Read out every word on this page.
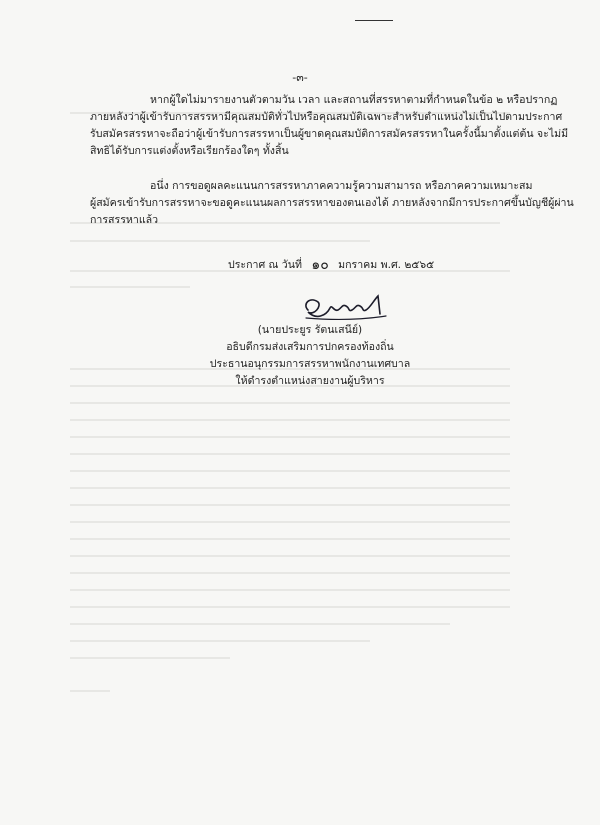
-๓-
หากผู้ใดไม่มารายงานตัวตามวัน เวลา และสถานที่สรรหาตามที่กำหนดในข้อ ๒ หรือปรากฏ
ภายหลังว่าผู้เข้ารับการสรรหามีคุณสมบัติทั่วไปหรือคุณสมบัติเฉพาะสำหรับตำแหน่งไม่เป็นไปตามประกาศ
รับสมัครสรรหาจะถือว่าผู้เข้ารับการสรรหาเป็นผู้ขาดคุณสมบัติการสมัครสรรหาในครั้งนี้มาตั้งแต่ต้น จะไม่มี
สิทธิได้รับการแต่งตั้งหรือเรียกร้องใดๆ ทั้งสิ้น
อนึ่ง การขอดูผลคะแนนการสรรหาภาคความรู้ความสามารถ หรือภาคความเหมาะสม
ผู้สมัครเข้ารับการสรรหาจะขอดูคะแนนผลการสรรหาของตนเองได้ ภายหลังจากมีการประกาศขึ้นบัญชีผู้ผ่าน
การสรรหาแล้ว
ประกาศ ณ วันที่ ๑๐ มกราคม พ.ศ. ๒๕๖๕
(นายประยูร รัตนเสนีย์)
อธิบดีกรมส่งเสริมการปกครองท้องถิ่น
ประธานอนุกรรมการสรรหาพนักงานเทศบาล
ให้ดำรงตำแหน่งสายงานผู้บริหาร
